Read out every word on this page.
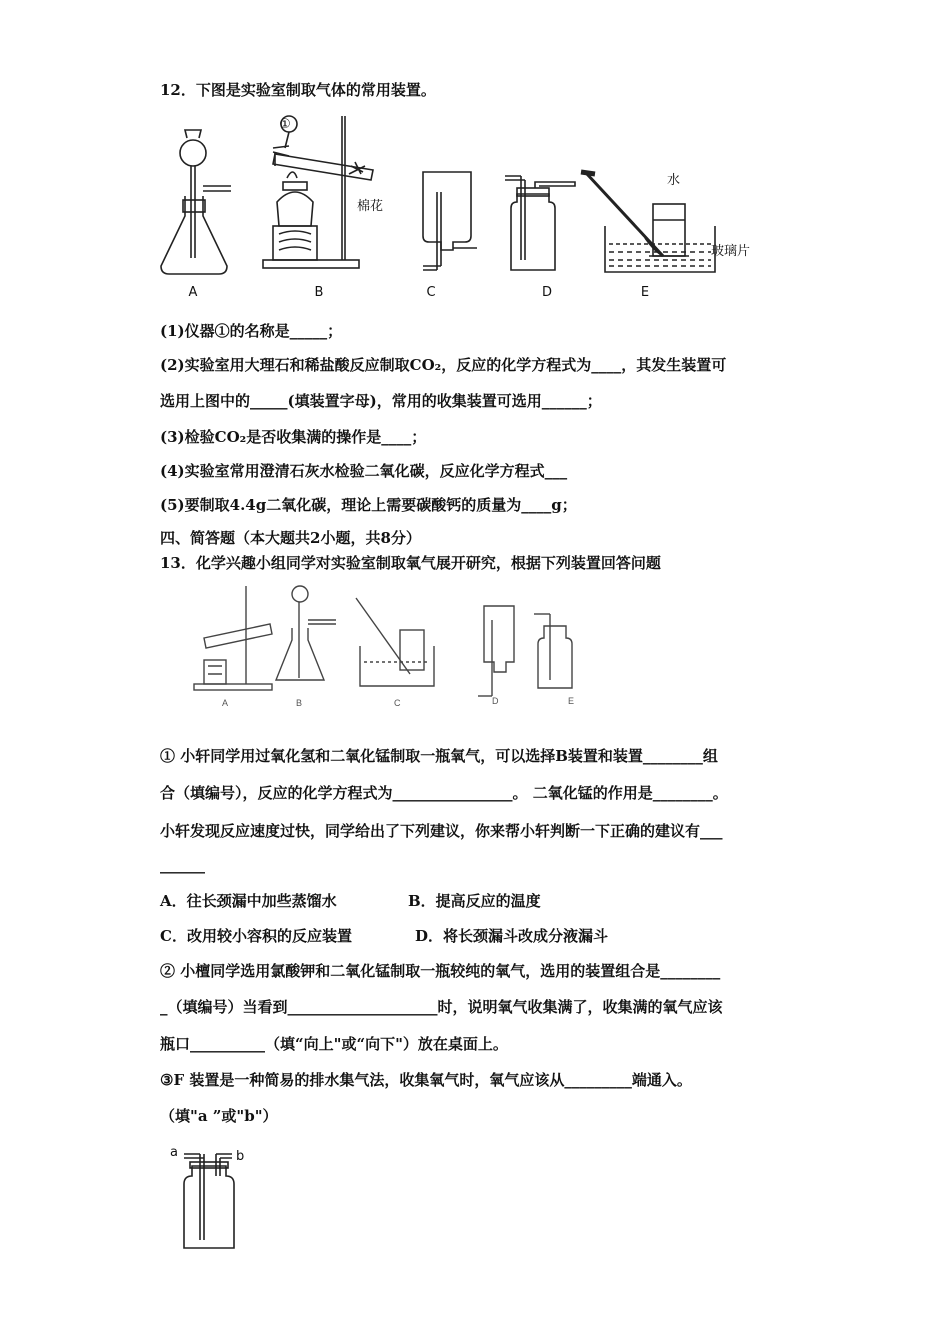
12．下图是实验室制取气体的常用装置。
①
棉花
水
玻璃片
A	B	C	D	E
(1)仪器①的名称是_____；
(2)实验室用大理石和稀盐酸反应制取CO₂，反应的化学方程式为____，其发生装置可
选用上图中的_____(填装置字母)，常用的收集装置可选用______；
(3)检验CO₂是否收集满的操作是____；
(4)实验室常用澄清石灰水检验二氧化碳，反应化学方程式___
(5)要制取4.4g二氧化碳，理论上需要碳酸钙的质量为____g；
四、简答题（本大题共2小题，共8分）
13．化学兴趣小组同学对实验室制取氧气展开研究，根据下列装置回答问题
A	B	C	D	E
① 小轩同学用过氧化氢和二氧化锰制取一瓶氧气，可以选择B装置和装置________组
合（填编号），反应的化学方程式为________________。 二氧化锰的作用是________。
小轩发现反应速度过快，同学给出了下列建议，你来帮小轩判断一下正确的建议有___
______
A．往长颈漏中加些蒸馏水	B．提高反应的温度
C．改用较小容积的反应装置	D．将长颈漏斗改成分液漏斗
② 小檀同学选用氯酸钾和二氧化锰制取一瓶较纯的氧气，选用的装置组合是________
_（填编号）当看到____________________时，说明氧气收集满了，收集满的氧气应该
瓶口__________（填“向上"或“向下"）放在桌面上。
③F 装置是一种简易的排水集气法，收集氧气时，氧气应该从_________端通入。
（填"a ”或"b"）
a	b
